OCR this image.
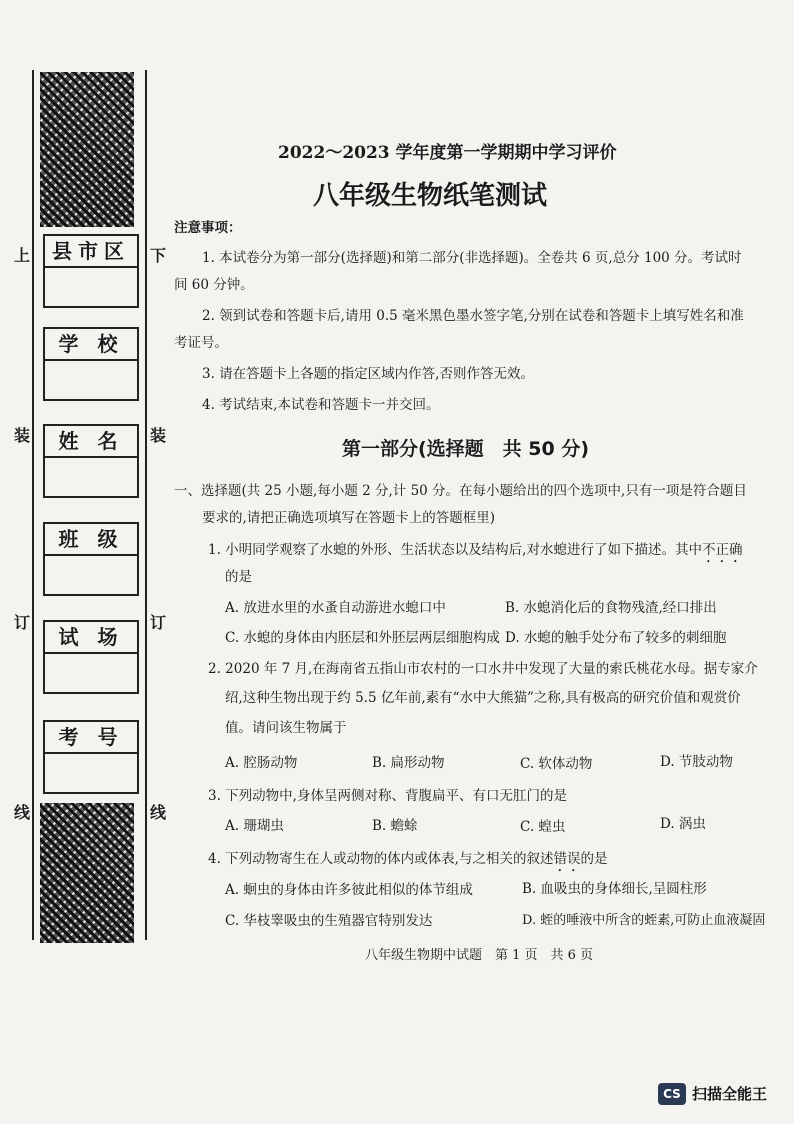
上	下
装	装
订	订
线	线
县市区
学 校
姓 名
班 级
试 场
考 号
2022～2023 学年度第一学期期中学习评价
八年级生物纸笔测试
注意事项：
1. 本试卷分为第一部分(选择题)和第二部分(非选择题)。全卷共 6 页,总分 100 分。考试时
间 60 分钟。
2. 领到试卷和答题卡后,请用 0.5 毫米黑色墨水签字笔,分别在试卷和答题卡上填写姓名和准
考证号。
3. 请在答题卡上各题的指定区域内作答,否则作答无效。
4. 考试结束,本试卷和答题卡一并交回。
第一部分(选择题　共 50 分)
一、选择题(共 25 小题,每小题 2 分,计 50 分。在每小题给出的四个选项中,只有一项是符合题目
要求的,请把正确选项填写在答题卡上的答题框里)
1. 小明同学观察了水螅的外形、生活状态以及结构后,对水螅进行了如下描述。其中不正确
的是
A. 放进水里的水蚤自动游进水螅口中	B. 水螅消化后的食物残渣,经口排出
C. 水螅的身体由内胚层和外胚层两层细胞构成 D. 水螅的触手处分布了较多的刺细胞
2. 2020 年 7 月,在海南省五指山市农村的一口水井中发现了大量的索氏桃花水母。据专家介
绍,这种生物出现于约 5.5 亿年前,素有“水中大熊猫”之称,具有极高的研究价值和观赏价
值。请问该生物属于
A. 腔肠动物	B. 扁形动物	C. 软体动物	D. 节肢动物
3. 下列动物中,身体呈两侧对称、背腹扁平、有口无肛门的是
A. 珊瑚虫	B. 蟾蜍	C. 蝗虫	D. 涡虫
4. 下列动物寄生在人或动物的体内或体表,与之相关的叙述错误的是
A. 蛔虫的身体由许多彼此相似的体节组成	B. 血吸虫的身体细长,呈圆柱形
C. 华枝睾吸虫的生殖器官特别发达	D. 蛭的唾液中所含的蛭素,可防止血液凝固
八年级生物期中试题　第 1 页　共 6 页
CS 扫描全能王
